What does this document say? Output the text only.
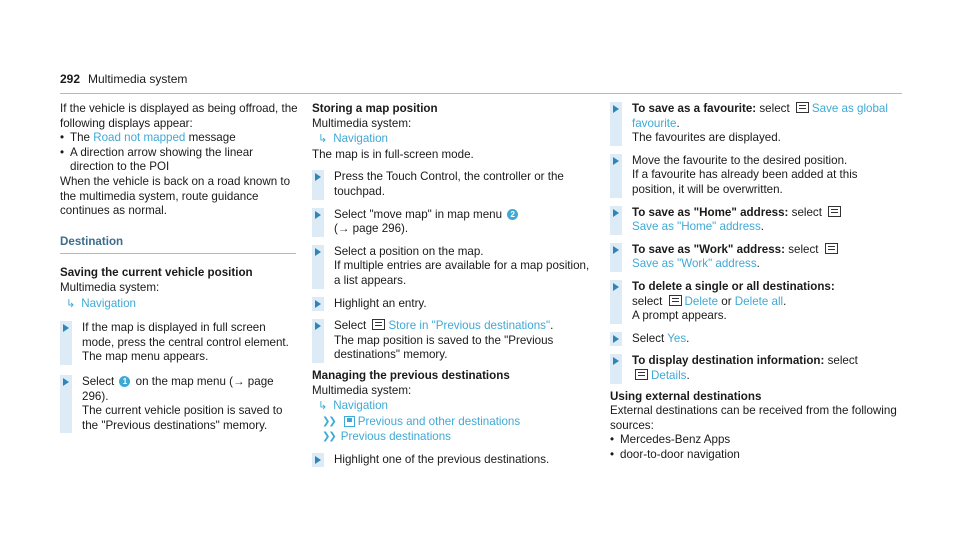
292 Multimedia system

If the vehicle is displayed as being offroad, the following displays appear:

• The Road not mapped message

• A direction arrow showing the linear direction to the POI

When the vehicle is back on a road known to the multimedia system, route guidance continues as normal.

Destination

Saving the current vehicle position

Multimedia system:

↳ Navigation

If the map is displayed in full screen mode, press the central control element.

The map menu appears.

Select 1 on the map menu (→ page 296).

The current vehicle position is saved to the "Previous destinations" memory.

Storing a map position

Multimedia system:

↳ Navigation

The map is in full-screen mode.

Press the Touch Control, the controller or the touchpad.

Select "move map" in map menu 2

(→ page 296).

Select a position on the map.

If multiple entries are available for a map position, a list appears.

Highlight an entry.

Select Store in "Previous destinations".

The map position is saved to the "Previous destinations" memory.

Managing the previous destinations

Multimedia system:

↳ Navigation
❯❯ Previous and other destinations
❯❯ Previous destinations

Highlight one of the previous destinations.

To save as a favourite: select Save as global favourite.

The favourites are displayed.

Move the favourite to the desired position.

If a favourite has already been added at this position, it will be overwritten.

To save as "Home" address: select

Save as "Home" address.

To save as "Work" address: select

Save as "Work" address.

To delete a single or all destinations:

select Delete or Delete all.

A prompt appears.

Select Yes.

To display destination information: select

Details.

Using external destinations

External destinations can be received from the following sources:

• Mercedes-Benz Apps

• door-to-door navigation
